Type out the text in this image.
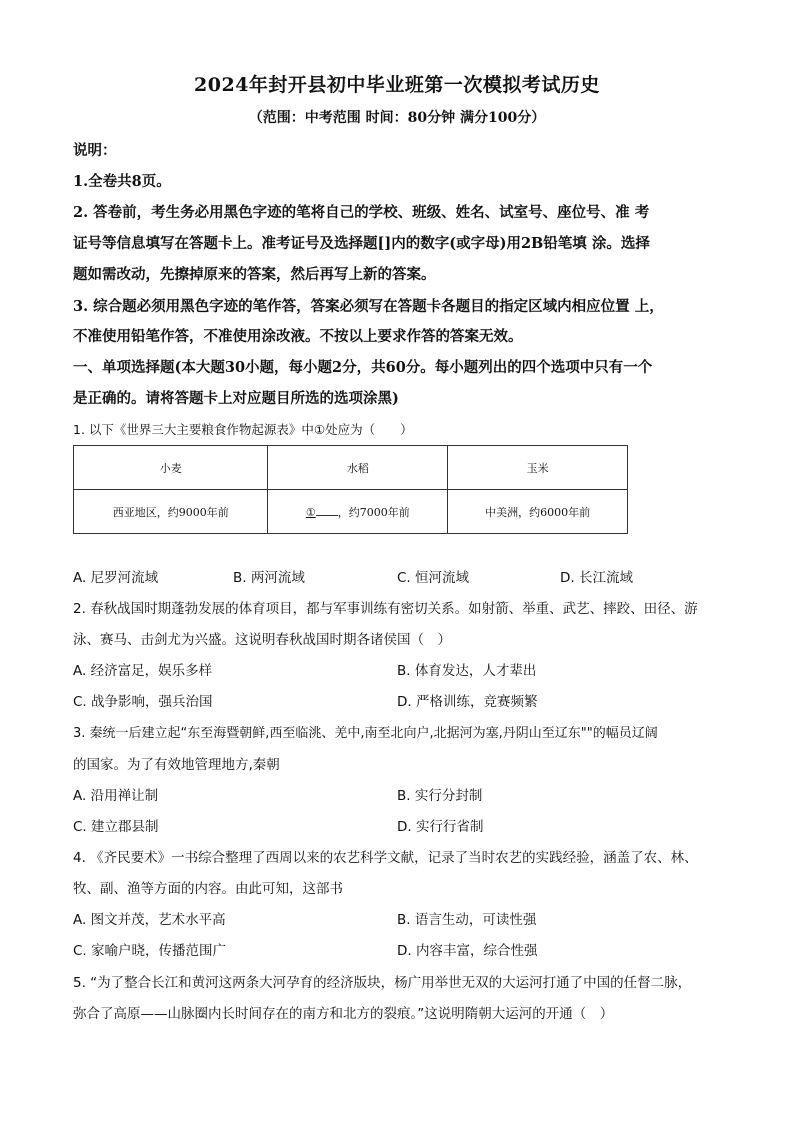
2024年封开县初中毕业班第一次模拟考试历史
（范围：中考范围 时间：80分钟 满分100分）
说明：
1.全卷共8页。
2. 答卷前，考生务必用黑色字迹的笔将自己的学校、班级、姓名、试室号、座位号、准 考
证号等信息填写在答题卡上。准考证号及选择题[]内的数字(或字母)用2B铅笔填 涂。选择
题如需改动，先擦掉原来的答案，然后再写上新的答案。
3. 综合题必须用黑色字迹的笔作答，答案必须写在答题卡各题目的指定区域内相应位置 上，
不准使用铅笔作答，不准使用涂改液。不按以上要求作答的答案无效。
一、单项选择题(本大题30小题，每小题2分，共60分。每小题列出的四个选项中只有一个
是正确的。请将答题卡上对应题目所选的选项涂黑)
1. 以下《世界三大主要粮食作物起源表》中①处应为（　　）
小麦	水稻	玉米
西亚地区，约9000年前	① ，约7000年前	中美洲，约6000年前
A. 尼罗河流域	B. 两河流域	C. 恒河流域	D. 长江流域
2. 春秋战国时期蓬勃发展的体育项目，都与军事训练有密切关系。如射箭、举重、武艺、摔跤、田径、游
泳、赛马、击剑尤为兴盛。这说明春秋战国时期各诸侯国（　）
A. 经济富足，娱乐多样	B. 体育发达，人才辈出
C. 战争影响，强兵治国	D. 严格训练，竞赛频繁
3. 秦统一后建立起“东至海暨朝鲜,西至临洮、羌中,南至北向户,北据河为塞,丹阴山至辽东""的幅员辽阔
的国家。为了有效地管理地方,秦朝
A. 沿用禅让制	B. 实行分封制
C. 建立郡县制	D. 实行行省制
4. 《齐民要术》一书综合整理了西周以来的农艺科学文献，记录了当时农艺的实践经验，涵盖了农、林、
牧、副、渔等方面的内容。由此可知，这部书
A. 图文并茂，艺术水平高	B. 语言生动，可读性强
C. 家喻户晓，传播范围广	D. 内容丰富，综合性强
5. “为了整合长江和黄河这两条大河孕育的经济版块，杨广用举世无双的大运河打通了中国的任督二脉，
弥合了高原——山脉圈内长时间存在的南方和北方的裂痕。”这说明隋朝大运河的开通（　）
